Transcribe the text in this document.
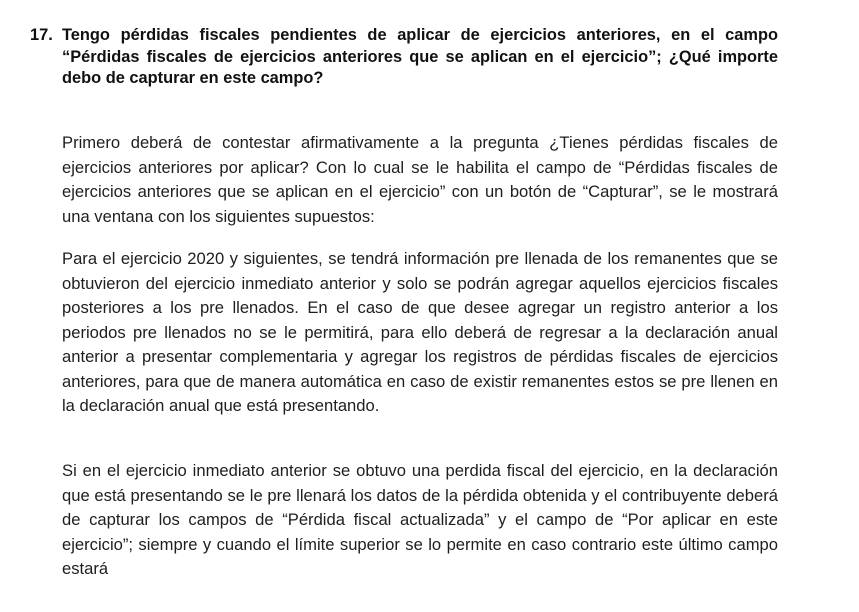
17. Tengo pérdidas fiscales pendientes de aplicar de ejercicios anteriores, en el campo “Pérdidas fiscales de ejercicios anteriores que se aplican en el ejercicio”; ¿Qué importe debo de capturar en este campo?

Primero deberá de contestar afirmativamente a la pregunta ¿Tienes pérdidas fiscales de ejercicios anteriores por aplicar? Con lo cual se le habilita el campo de “Pérdidas fiscales de ejercicios anteriores que se aplican en el ejercicio” con un botón de “Capturar”, se le mostrará una ventana con los siguientes supuestos:

Para el ejercicio 2020 y siguientes, se tendrá información pre llenada de los remanentes que se obtuvieron del ejercicio inmediato anterior y solo se podrán agregar aquellos ejercicios fiscales posteriores a los pre llenados. En el caso de que desee agregar un registro anterior a los periodos pre llenados no se le permitirá, para ello deberá de regresar a la declaración anual anterior a presentar complementaria y agregar los registros de pérdidas fiscales de ejercicios anteriores, para que de manera automática en caso de existir remanentes estos se pre llenen en la declaración anual que está presentando.

Si en el ejercicio inmediato anterior se obtuvo una perdida fiscal del ejercicio, en la declaración que está presentando se le pre llenará los datos de la pérdida obtenida y el contribuyente deberá de capturar los campos de “Pérdida fiscal actualizada” y el campo de “Por aplicar en este ejercicio”; siempre y cuando el límite superior se lo permite en caso contrario este último campo estará
